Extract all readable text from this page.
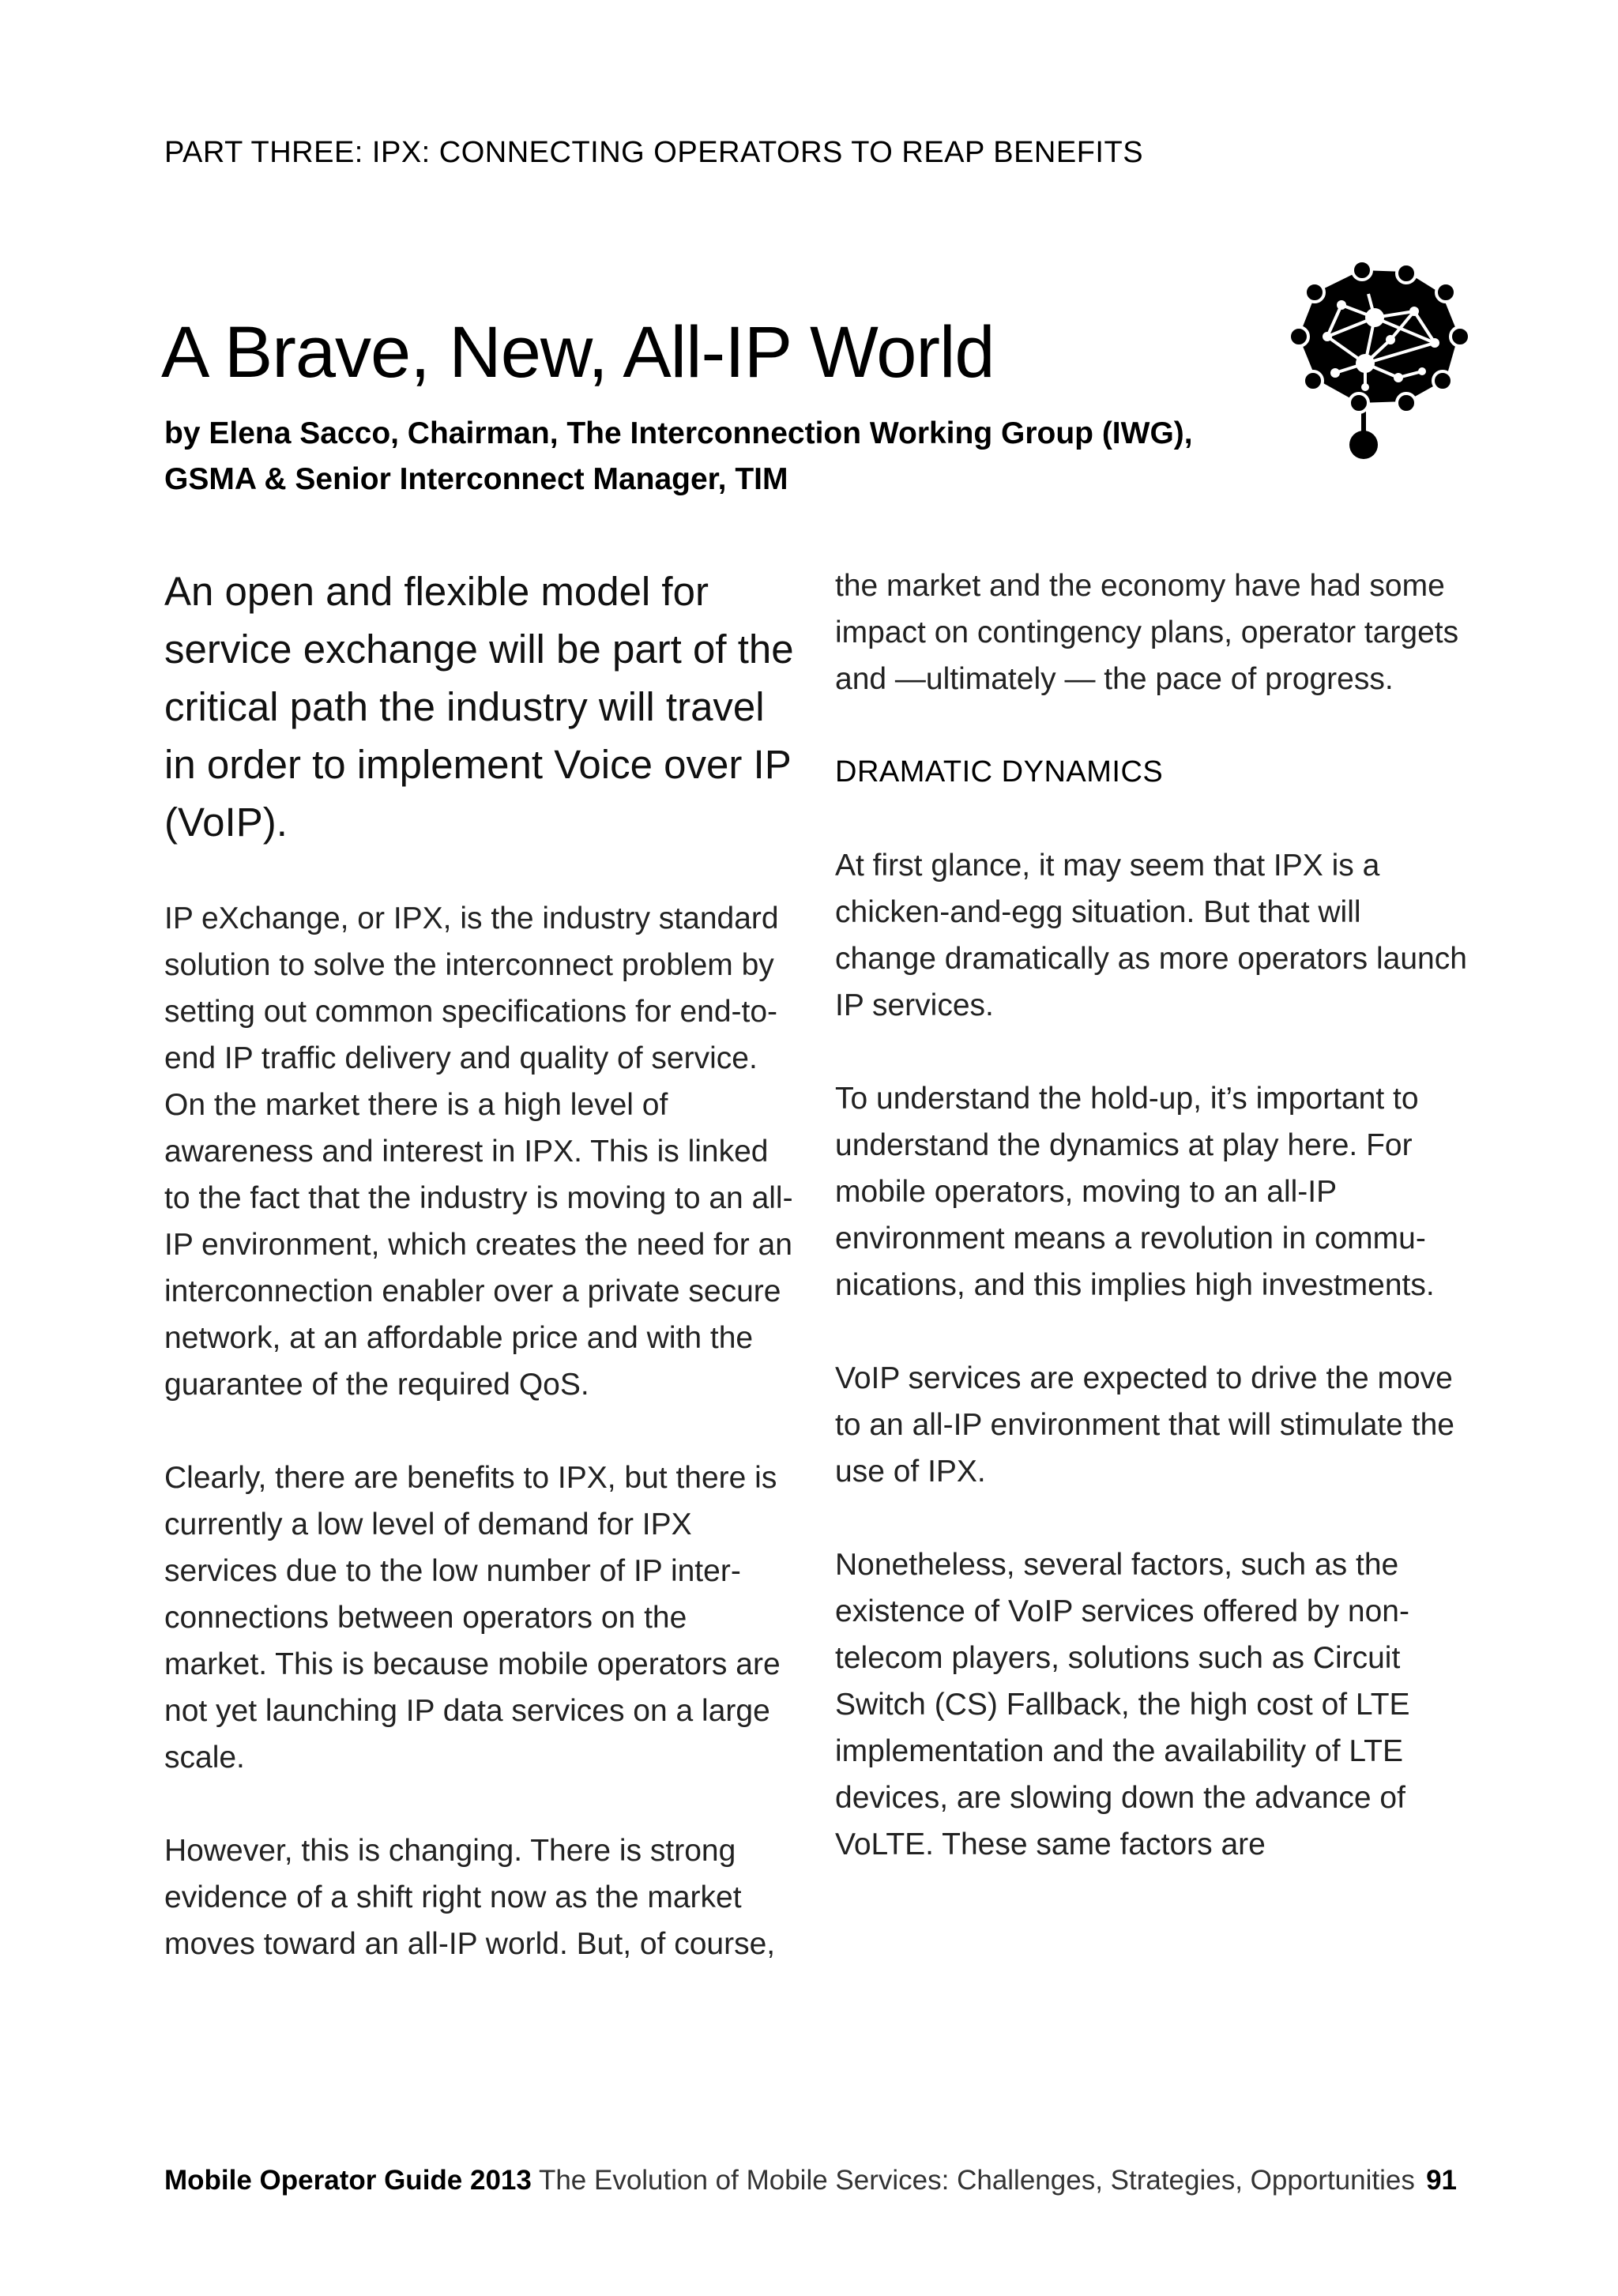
PART THREE: IPX: CONNECTING OPERATORS TO REAP BENEFITS
A Brave, New, All-IP World
by Elena Sacco, Chairman, The Interconnection Working Group (IWG),
GSMA & Senior Interconnect Manager, TIM

An open and flexible model for service exchange will be part of the critical path the industry will travel in order to implement Voice over IP (VoIP).

IP eXchange, or IPX, is the industry standard solution to solve the interconnect problem by setting out common specifications for end-to-end IP traffic delivery and quality of service. On the market there is a high level of awareness and interest in IPX. This is linked to the fact that the industry is moving to an all-IP environment, which creates the need for an interconnection enabler over a private secure network, at an affordable price and with the guarantee of the required QoS.

Clearly, there are benefits to IPX, but there is currently a low level of demand for IPX services due to the low number of IP inter-connections between operators on the market. This is because mobile operators are not yet launching IP data services on a large scale.

However, this is changing. There is strong evidence of a shift right now as the market moves toward an all-IP world. But, of course,

the market and the economy have had some impact on contingency plans, operator targets and —ultimately — the pace of progress.

DRAMATIC DYNAMICS

At first glance, it may seem that IPX is a chicken-and-egg situation. But that will change dramatically as more operators launch IP services.

To understand the hold-up, it’s important to understand the dynamics at play here. For mobile operators, moving to an all-IP environment means a revolution in commu-nications, and this implies high investments.

VoIP services are expected to drive the move to an all-IP environment that will stimulate the use of IPX.

Nonetheless, several factors, such as the existence of VoIP services offered by non-telecom players, solutions such as Circuit Switch (CS) Fallback, the high cost of LTE implementation and the availability of LTE devices, are slowing down the advance of VoLTE. These same factors are

Mobile Operator Guide 2013 The Evolution of Mobile Services: Challenges, Strategies, Opportunities 91
